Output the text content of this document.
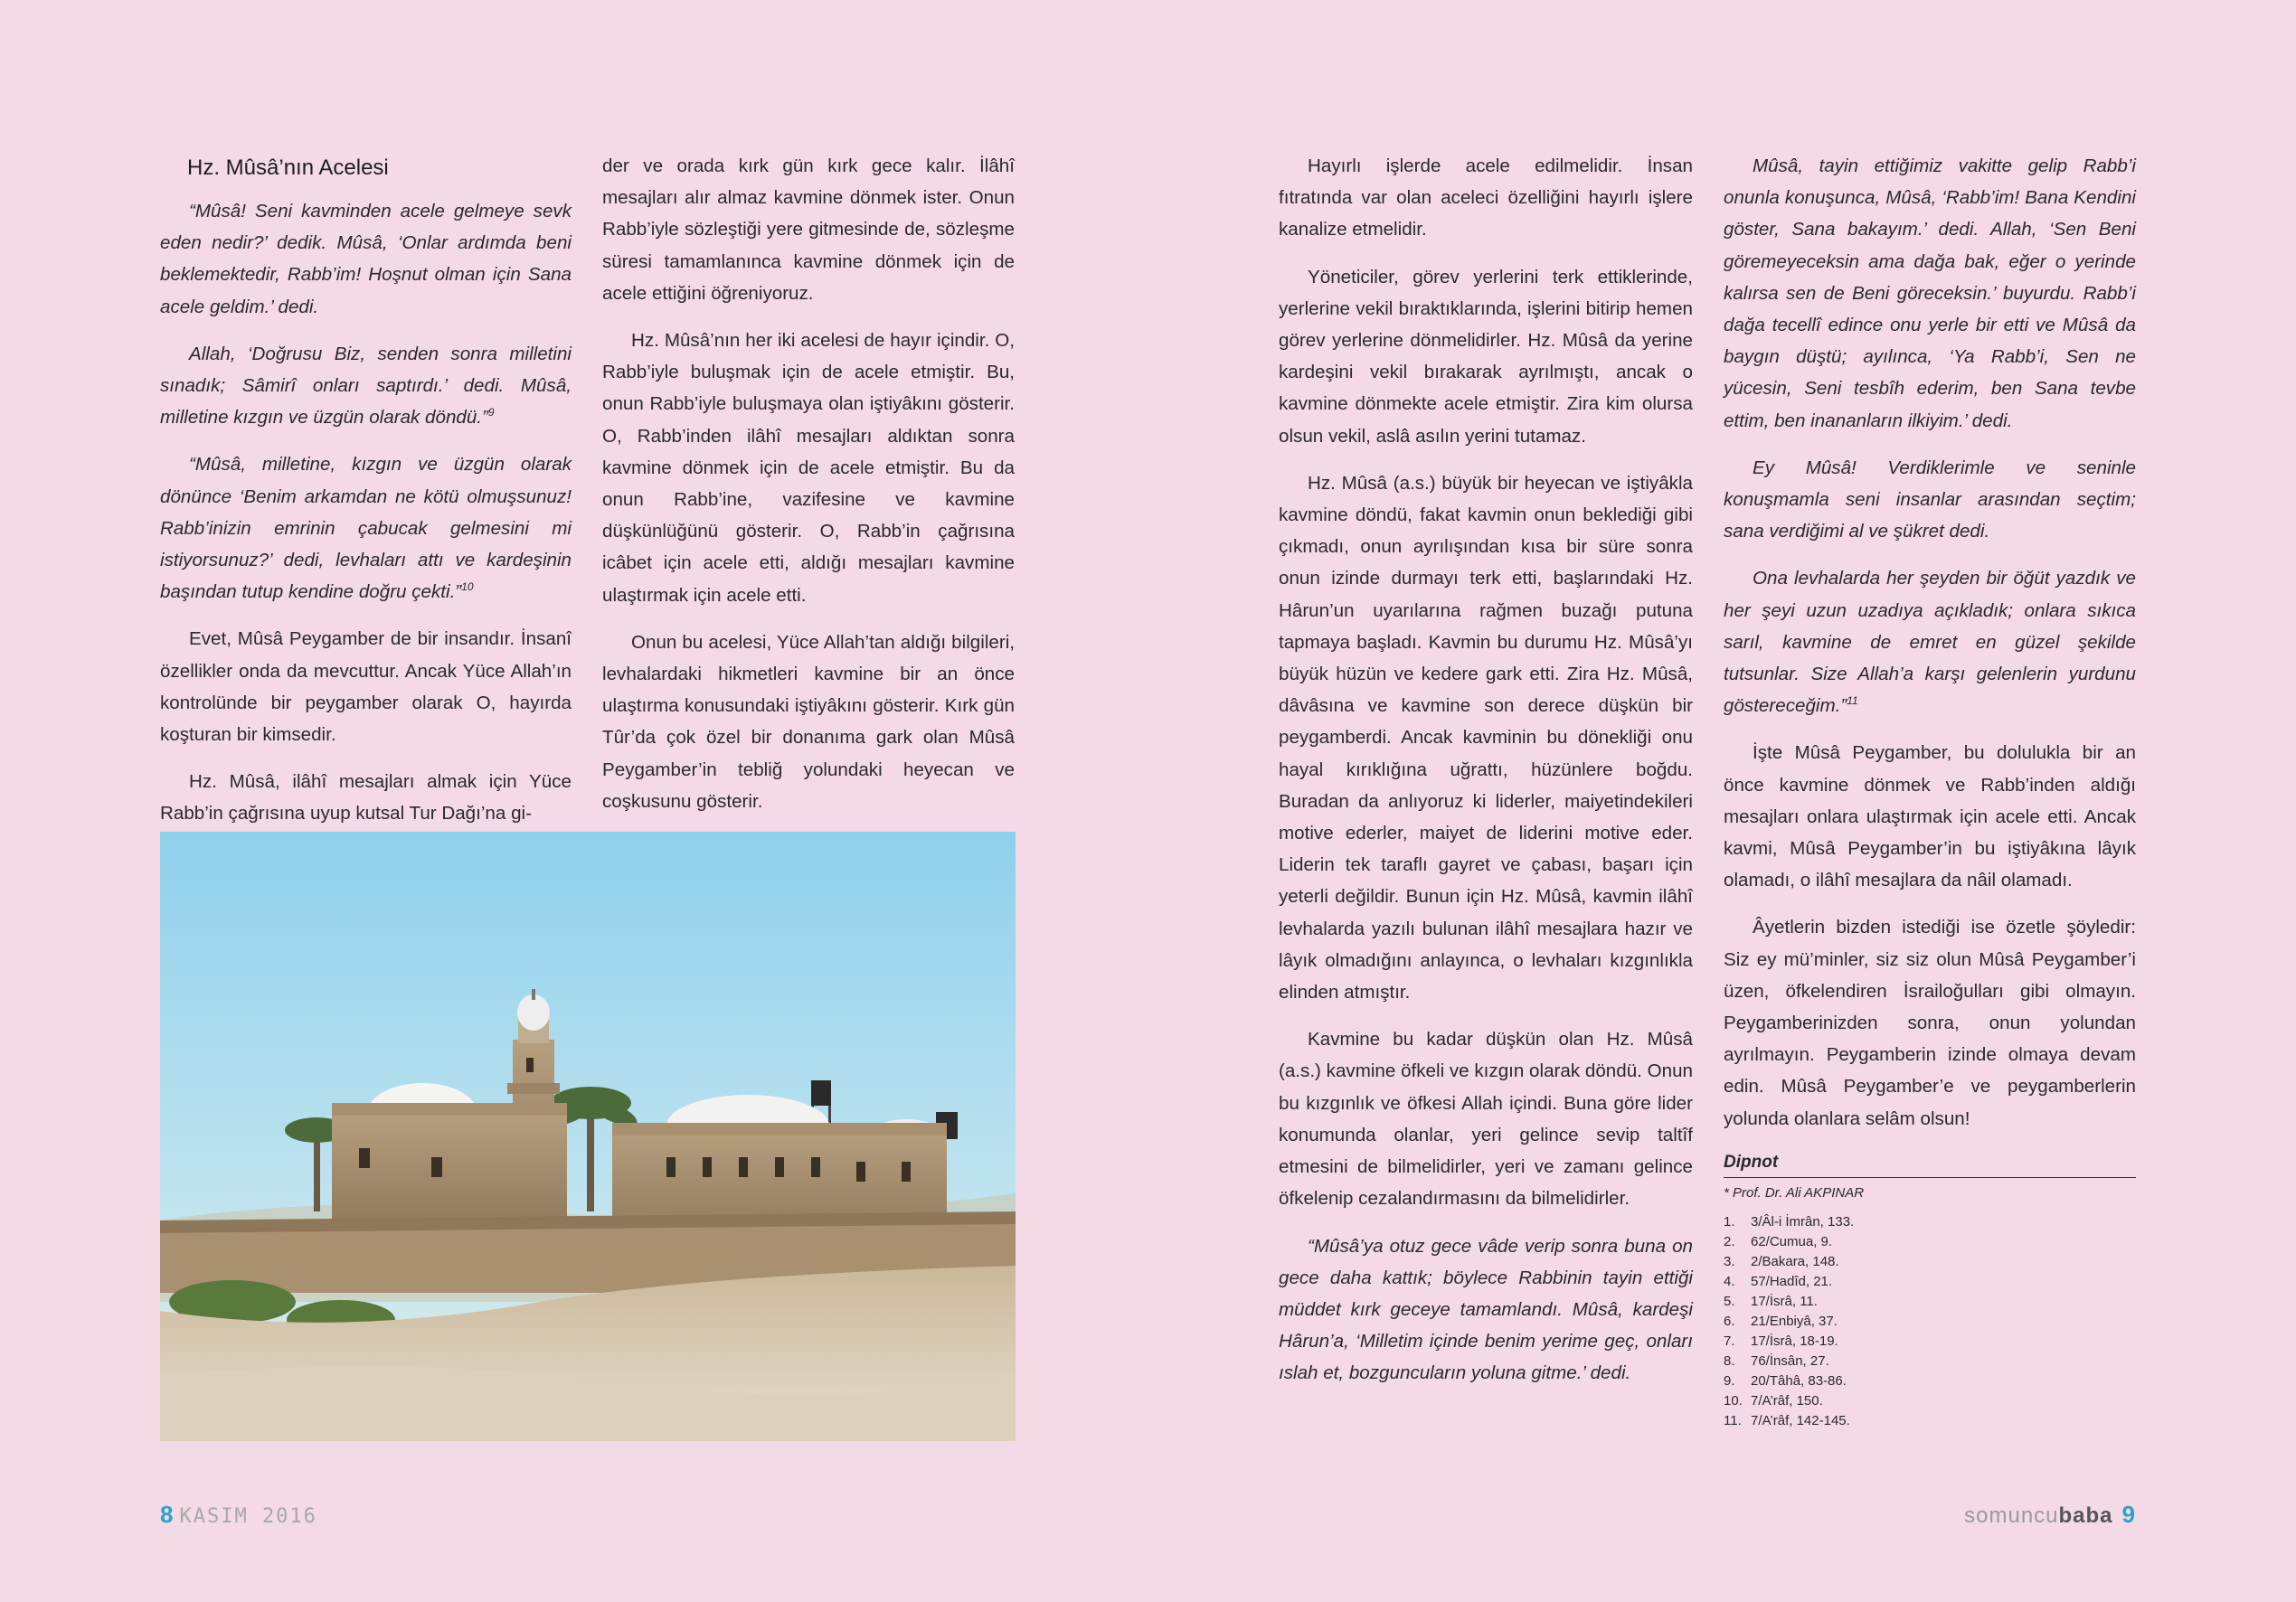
Hz. Mûsâ’nın Acelesi

“Mûsâ! Seni kavminden acele gelmeye sevk eden nedir?’ dedik. Mûsâ, ‘Onlar ardımda beni beklemektedir, Rabb’im! Hoşnut olman için Sana acele geldim.’ dedi.

Allah, ‘Doğrusu Biz, senden sonra milletini sınadık; Sâmirî onları saptırdı.’ dedi. Mûsâ, milletine kızgın ve üzgün olarak döndü.”$^9$

“Mûsâ, milletine, kızgın ve üzgün olarak dönünce ‘Benim arkamdan ne kötü olmuşsunuz! Rabb’inizin emrinin çabucak gelmesini mi istiyorsunuz?’ dedi, levhaları attı ve kardeşinin başından tutup kendine doğru çekti.”$^{10}$

Evet, Mûsâ Peygamber de bir insandır. İnsanî özellikler onda da mevcuttur. Ancak Yüce Allah’ın kontrolünde bir peygamber olarak O, hayırda koşturan bir kimsedir.

Hz. Mûsâ, ilâhî mesajları almak için Yüce Rabb’in çağrısına uyup kutsal Tur Dağı’na gi-

der ve orada kırk gün kırk gece kalır. İlâhî mesajları alır almaz kavmine dönmek ister. Onun Rabb’iyle sözleştiği yere gitmesinde de, sözleşme süresi tamamlanınca kavmine dönmek için de acele ettiğini öğreniyoruz.

Hz. Mûsâ’nın her iki acelesi de hayır içindir. O, Rabb’iyle buluşmak için de acele etmiştir. Bu, onun Rabb’iyle buluşmaya olan iştiyâkını gösterir. O, Rabb’inden ilâhî mesajları aldıktan sonra kavmine dönmek için de acele etmiştir. Bu da onun Rabb’ine, vazifesine ve kavmine düşkünlüğünü gösterir. O, Rabb’in çağrısına icâbet için acele etti, aldığı mesajları kavmine ulaştırmak için acele etti.

Onun bu acelesi, Yüce Allah’tan aldığı bilgileri, levhalardaki hikmetleri kavmine bir an önce ulaştırma konusundaki iştiyâkını gösterir. Kırk gün Tûr’da çok özel bir donanıma gark olan Mûsâ Peygamber’in tebliğ yolundaki heyecan ve coşkusunu gösterir.

8 KASIM 2016

Hayırlı işlerde acele edilmelidir. İnsan fıtratında var olan aceleci özelliğini hayırlı işlere kanalize etmelidir.

Yöneticiler, görev yerlerini terk ettiklerinde, yerlerine vekil bıraktıklarında, işlerini bitirip hemen görev yerlerine dönmelidirler. Hz. Mûsâ da yerine kardeşini vekil bırakarak ayrılmıştı, ancak o kavmine dönmekte acele etmiştir. Zira kim olursa olsun vekil, aslâ asılın yerini tutamaz.

Hz. Mûsâ (a.s.) büyük bir heyecan ve iştiyâkla kavmine döndü, fakat kavmin onun beklediği gibi çıkmadı, onun ayrılışından kısa bir süre sonra onun izinde durmayı terk etti, başlarındaki Hz. Hârun’un uyarılarına rağmen buzağı putuna tapmaya başladı. Kavmin bu durumu Hz. Mûsâ’yı büyük hüzün ve kedere gark etti. Zira Hz. Mûsâ, dâvâsına ve kavmine son derece düşkün bir peygamberdi. Ancak kavminin bu dönekliği onu hayal kırıklığına uğrattı, hüzünlere boğdu. Buradan da anlıyoruz ki liderler, maiyetindekileri motive ederler, maiyet de liderini motive eder. Liderin tek taraflı gayret ve çabası, başarı için yeterli değildir. Bunun için Hz. Mûsâ, kavmin ilâhî levhalarda yazılı bulunan ilâhî mesajlara hazır ve lâyık olmadığını anlayınca, o levhaları kızgınlıkla elinden atmıştır.

Kavmine bu kadar düşkün olan Hz. Mûsâ (a.s.) kavmine öfkeli ve kızgın olarak döndü. Onun bu kızgınlık ve öfkesi Allah içindi. Buna göre lider konumunda olanlar, yeri gelince sevip taltîf etmesini de bilmelidirler, yeri ve zamanı gelince öfkelenip cezalandırmasını da bilmelidirler.

“Mûsâ’ya otuz gece vâde verip sonra buna on gece daha kattık; böylece Rabbinin tayin ettiği müddet kırk geceye tamamlandı. Mûsâ, kardeşi Hârun’a, ‘Milletim içinde benim yerime geç, onları ıslah et, bozguncuların yoluna gitme.’ dedi.

Mûsâ, tayin ettiğimiz vakitte gelip Rabb’i onunla konuşunca, Mûsâ, ‘Rabb’im! Bana Kendini göster, Sana bakayım.’ dedi. Allah, ‘Sen Beni göremeyeceksin ama dağa bak, eğer o yerinde kalırsa sen de Beni göreceksin.’ buyurdu. Rabb’i dağa tecellî edince onu yerle bir etti ve Mûsâ da baygın düştü; ayılınca, ‘Ya Rabb’i, Sen ne yücesin, Seni tesbîh ederim, ben Sana tevbe ettim, ben inananların ilkiyim.’ dedi.

Ey Mûsâ! Verdiklerimle ve seninle konuşmamla seni insanlar arasından seçtim; sana verdiğimi al ve şükret dedi.

Ona levhalarda her şeyden bir öğüt yazdık ve her şeyi uzun uzadıya açıkladık; onlara sıkıca sarıl, kavmine de emret en güzel şekilde tutsunlar. Size Allah’a karşı gelenlerin yurdunu göstereceğim.”$^{11}$

İşte Mûsâ Peygamber, bu dolulukla bir an önce kavmine dönmek ve Rabb’inden aldığı mesajları onlara ulaştırmak için acele etti. Ancak kavmi, Mûsâ Peygamber’in bu iştiyâkına lâyık olamadı, o ilâhî mesajlara da nâil olamadı.

Âyetlerin bizden istediği ise özetle şöyledir: Siz ey mü’minler, siz siz olun Mûsâ Peygamber’i üzen, öfkelendiren İsrailoğulları gibi olmayın. Peygamberinizden sonra, onun yolundan ayrılmayın. Peygamberin izinde olmaya devam edin. Mûsâ Peygamber’e ve peygamberlerin yolunda olanlara selâm olsun!

Dipnot
* Prof. Dr. Ali AKPINAR
1.	3/Âl-i İmrân, 133.
2.	62/Cumua, 9.
3.	2/Bakara, 148.
4.	57/Hadîd, 21.
5.	17/İsrâ, 11.
6.	21/Enbiyâ, 37.
7.	17/İsrâ, 18-19.
8.	76/İnsân, 27.
9.	20/Tâhâ, 83-86.
10. 7/A’râf, 150.
11. 7/A’râf, 142-145.
somuncubaba 9
